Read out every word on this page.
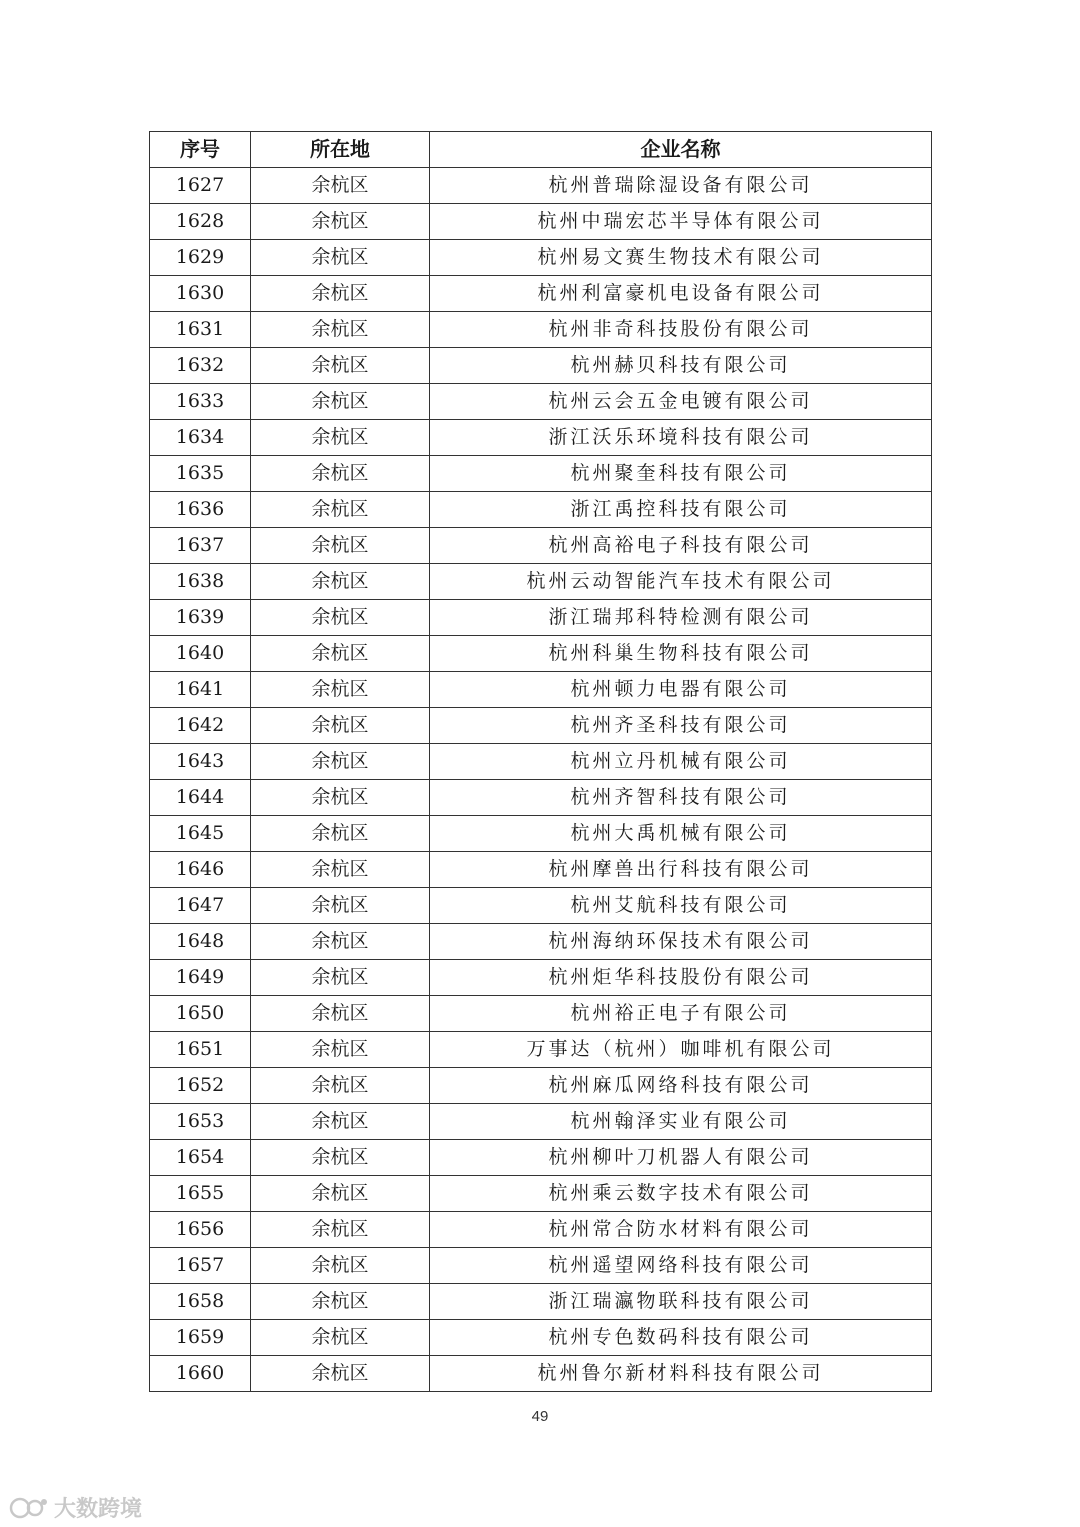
序号	所在地	企业名称
1627	余杭区	杭州普瑞除湿设备有限公司
1628	余杭区	杭州中瑞宏芯半导体有限公司
1629	余杭区	杭州易文赛生物技术有限公司
1630	余杭区	杭州利富豪机电设备有限公司
1631	余杭区	杭州非奇科技股份有限公司
1632	余杭区	杭州赫贝科技有限公司
1633	余杭区	杭州云会五金电镀有限公司
1634	余杭区	浙江沃乐环境科技有限公司
1635	余杭区	杭州聚奎科技有限公司
1636	余杭区	浙江禹控科技有限公司
1637	余杭区	杭州高裕电子科技有限公司
1638	余杭区	杭州云动智能汽车技术有限公司
1639	余杭区	浙江瑞邦科特检测有限公司
1640	余杭区	杭州科巢生物科技有限公司
1641	余杭区	杭州顿力电器有限公司
1642	余杭区	杭州齐圣科技有限公司
1643	余杭区	杭州立丹机械有限公司
1644	余杭区	杭州齐智科技有限公司
1645	余杭区	杭州大禹机械有限公司
1646	余杭区	杭州摩兽出行科技有限公司
1647	余杭区	杭州艾航科技有限公司
1648	余杭区	杭州海纳环保技术有限公司
1649	余杭区	杭州炬华科技股份有限公司
1650	余杭区	杭州裕正电子有限公司
1651	余杭区	万事达（杭州）咖啡机有限公司
1652	余杭区	杭州麻瓜网络科技有限公司
1653	余杭区	杭州翰泽实业有限公司
1654	余杭区	杭州柳叶刀机器人有限公司
1655	余杭区	杭州乘云数字技术有限公司
1656	余杭区	杭州常合防水材料有限公司
1657	余杭区	杭州遥望网络科技有限公司
1658	余杭区	浙江瑞瀛物联科技有限公司
1659	余杭区	杭州专色数码科技有限公司
1660	余杭区	杭州鲁尔新材料科技有限公司
49
大数跨境
